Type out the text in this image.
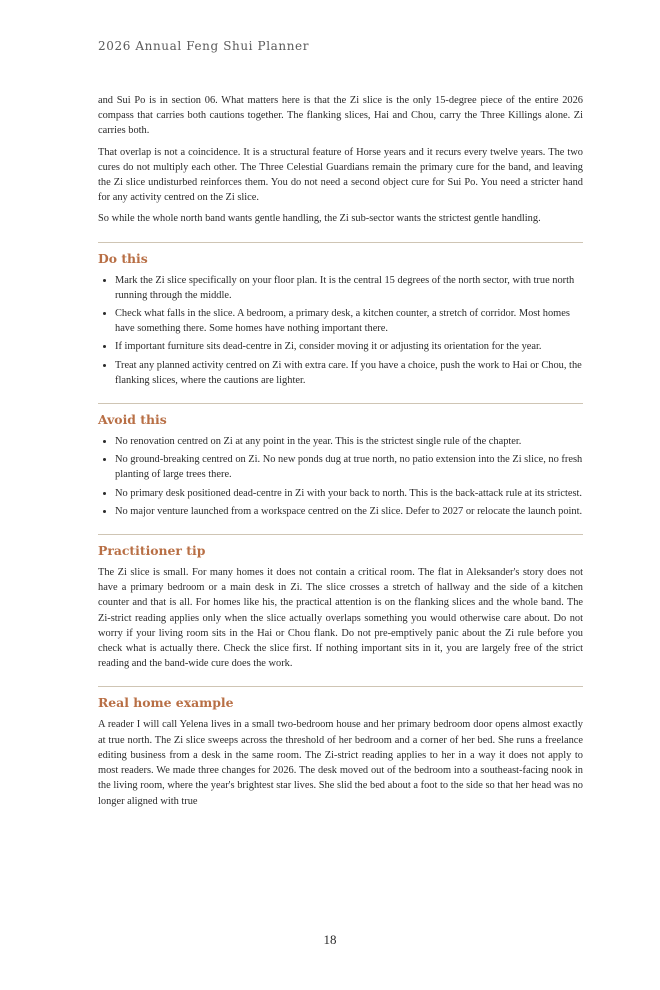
2026 Annual Feng Shui Planner

and Sui Po is in section 06. What matters here is that the Zi slice is the only 15-degree piece of the entire 2026 compass that carries both cautions together. The flanking slices, Hai and Chou, carry the Three Killings alone. Zi carries both.

That overlap is not a coincidence. It is a structural feature of Horse years and it recurs every twelve years. The two cures do not multiply each other. The Three Celestial Guardians remain the primary cure for the band, and leaving the Zi slice undisturbed reinforces them. You do not need a second object cure for Sui Po. You need a stricter hand for any activity centred on the Zi slice.

So while the whole north band wants gentle handling, the Zi sub-sector wants the strictest gentle handling.

Do this
Mark the Zi slice specifically on your floor plan. It is the central 15 degrees of the north sector, with true north running through the middle.
Check what falls in the slice. A bedroom, a primary desk, a kitchen counter, a stretch of corridor. Most homes have something there. Some homes have nothing important there.
If important furniture sits dead-centre in Zi, consider moving it or adjusting its orientation for the year.
Treat any planned activity centred on Zi with extra care. If you have a choice, push the work to Hai or Chou, the flanking slices, where the cautions are lighter.
Avoid this
No renovation centred on Zi at any point in the year. This is the strictest single rule of the chapter.
No ground-breaking centred on Zi. No new ponds dug at true north, no patio extension into the Zi slice, no fresh planting of large trees there.
No primary desk positioned dead-centre in Zi with your back to north. This is the back-attack rule at its strictest.
No major venture launched from a workspace centred on the Zi slice. Defer to 2027 or relocate the launch point.
Practitioner tip

The Zi slice is small. For many homes it does not contain a critical room. The flat in Aleksander's story does not have a primary bedroom or a main desk in Zi. The slice crosses a stretch of hallway and the side of a kitchen counter and that is all. For homes like his, the practical attention is on the flanking slices and the whole band. The Zi-strict reading applies only when the slice actually overlaps something you would otherwise care about. Do not worry if your living room sits in the Hai or Chou flank. Do not pre-emptively panic about the Zi rule before you check what is actually there. Check the slice first. If nothing important sits in it, you are largely free of the strict reading and the band-wide cure does the work.

Real home example

A reader I will call Yelena lives in a small two-bedroom house and her primary bedroom door opens almost exactly at true north. The Zi slice sweeps across the threshold of her bedroom and a corner of her bed. She runs a freelance editing business from a desk in the same room. The Zi-strict reading applies to her in a way it does not apply to most readers. We made three changes for 2026. The desk moved out of the bedroom into a southeast-facing nook in the living room, where the year's brightest star lives. She slid the bed about a foot to the side so that her head was no longer aligned with true

18
